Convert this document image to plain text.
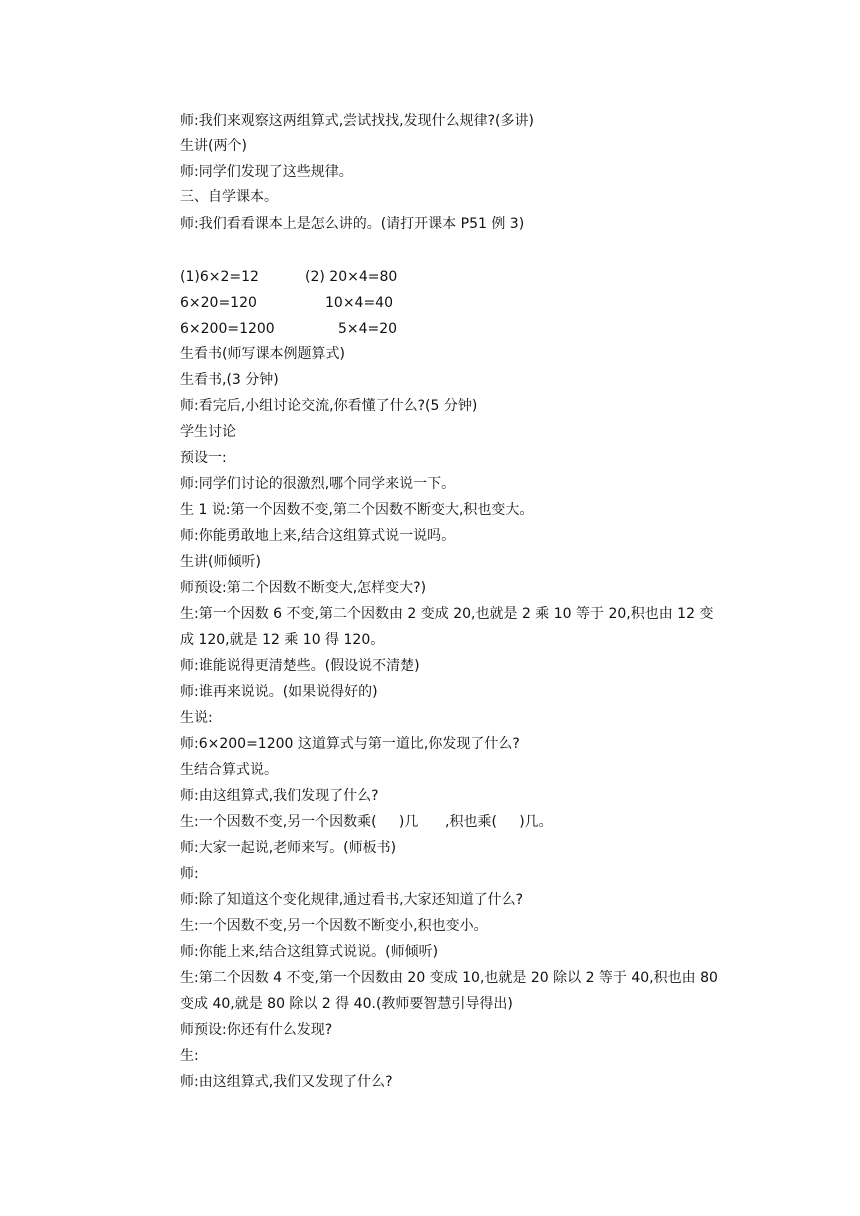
师:我们来观察这两组算式,尝试找找,发现什么规律?(多讲)
生讲(两个)
师:同学们发现了这些规律。
三、自学课本。
师:我们看看课本上是怎么讲的。(请打开课本 P51 例 3)
(1)6×2=12	(2) 20×4=80
6×20=120	10×4=40
6×200=1200	5×4=20
生看书(师写课本例题算式)
生看书,(3 分钟)
师:看完后,小组讨论交流,你看懂了什么?(5 分钟)
学生讨论
预设一:
师:同学们讨论的很激烈,哪个同学来说一下。
生 1 说:第一个因数不变,第二个因数不断变大,积也变大。
师:你能勇敢地上来,结合这组算式说一说吗。
生讲(师倾听)
师预设:第二个因数不断变大,怎样变大?)
生:第一个因数 6 不变,第二个因数由 2 变成 20,也就是 2 乘 10 等于 20,积也由 12 变
成 120,就是 12 乘 10 得 120。
师:谁能说得更清楚些。(假设说不清楚)
师:谁再来说说。(如果说得好的)
生说:
师:6×200=1200 这道算式与第一道比,你发现了什么?
生结合算式说。
师:由这组算式,我们发现了什么?
生:一个因数不变,另一个因数乘(     )几      ,积也乘(     )几。
师:大家一起说,老师来写。(师板书)
师:
师:除了知道这个变化规律,通过看书,大家还知道了什么?
生:一个因数不变,另一个因数不断变小,积也变小。
师:你能上来,结合这组算式说说。(师倾听)
生:第二个因数 4 不变,第一个因数由 20 变成 10,也就是 20 除以 2 等于 40,积也由 80
变成 40,就是 80 除以 2 得 40.(教师要智慧引导得出)
师预设:你还有什么发现?
生:
师:由这组算式,我们又发现了什么?
